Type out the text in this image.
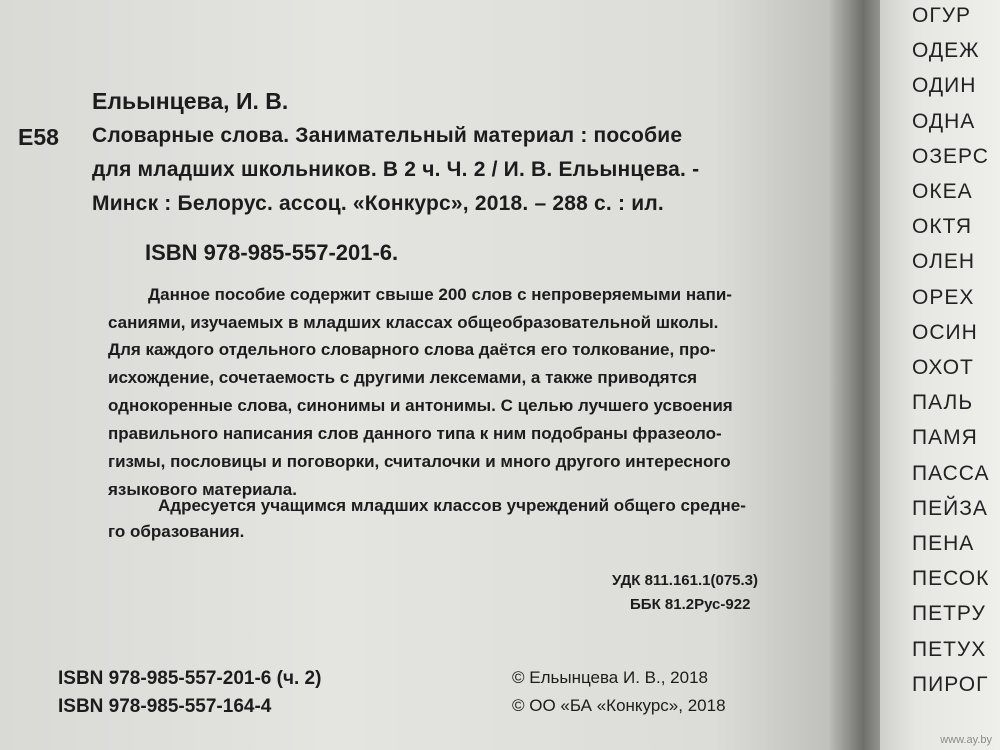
Ельынцева, И. В.
Е58 Словарные слова. Занимательный материал : пособие
для младших школьников. В 2 ч. Ч. 2 / И. В. Ельынцева. -
Минск : Белорус. ассоц. «Конкурс», 2018. – 288 с. : ил.
ISBN 978-985-557-201-6.
Данное пособие содержит свыше 200 слов с непроверяемыми напи-
саниями, изучаемых в младших классах общеобразовательной школы.
Для каждого отдельного словарного слова даётся его толкование, про-
исхождение, сочетаемость с другими лексемами, а также приводятся
однокоренные слова, синонимы и антонимы. С целью лучшего усвоения
правильного написания слов данного типа к ним подобраны фразеоло-
гизмы, пословицы и поговорки, считалочки и много другого интересного
языкового материала.
Адресуется учащимся младших классов учреждений общего средне-
го образования.
УДК 811.161.1(075.3)
ББК 81.2Рус-922
ISBN 978-985-557-201-6 (ч. 2)
ISBN 978-985-557-164-4
© Ельынцева И. В., 2018
© ОО «БА «Конкурс», 2018
ОГУР
ОДЕЖ
ОДИН
ОДНА
ОЗЕРС
ОКЕА
ОКТЯ
ОЛЕН
ОРЕХ
ОСИН
ОХОТ
ПАЛЬ
ПАМЯ
ПАССА
ПЕЙЗА
ПЕНА
ПЕСОК
ПЕТРУ
ПЕТУХ
ПИРОГ
www.ay.by
